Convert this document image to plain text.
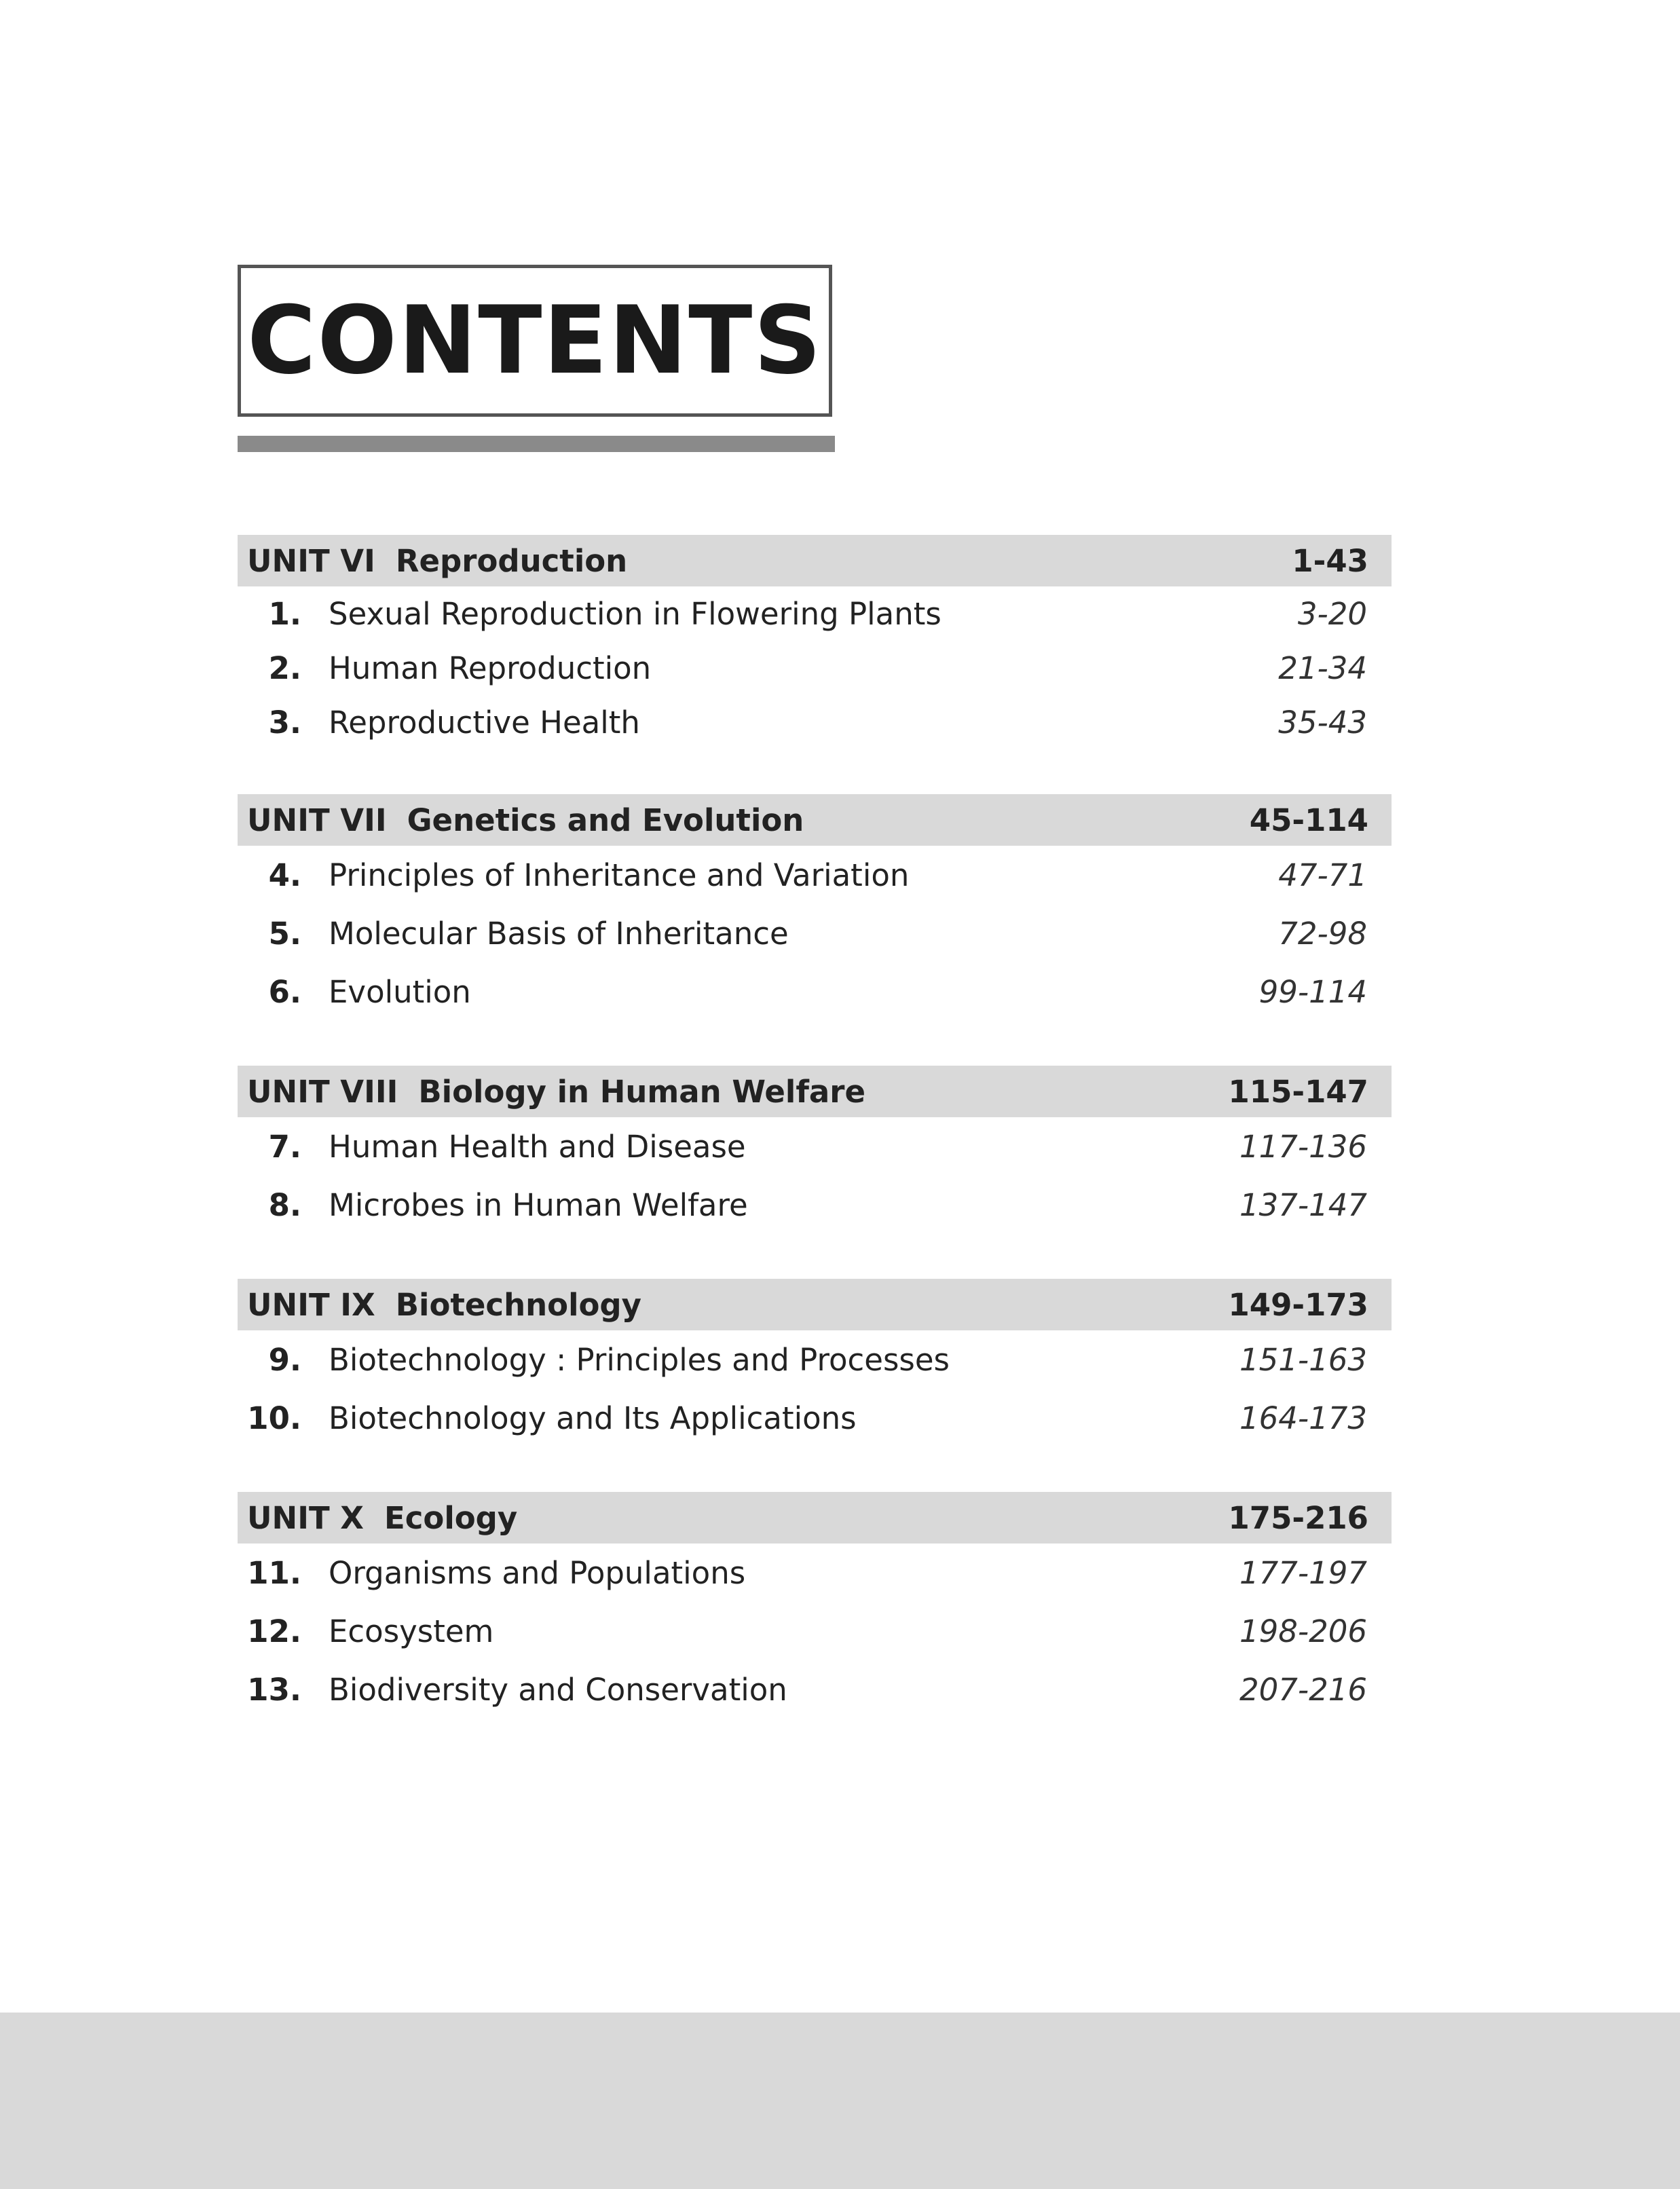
CONTENTS
UNIT VI Reproduction	1-43
1. Sexual Reproduction in Flowering Plants	3-20
2. Human Reproduction	21-34
3. Reproductive Health	35-43
UNIT VII Genetics and Evolution	45-114
4. Principles of Inheritance and Variation	47-71
5. Molecular Basis of Inheritance	72-98
6. Evolution	99-114
UNIT VIII Biology in Human Welfare	115-147
7. Human Health and Disease	117-136
8. Microbes in Human Welfare	137-147
UNIT IX Biotechnology	149-173
9. Biotechnology : Principles and Processes	151-163
10. Biotechnology and Its Applications	164-173
UNIT X Ecology	175-216
11. Organisms and Populations	177-197
12. Ecosystem	198-206
13. Biodiversity and Conservation	207-216
